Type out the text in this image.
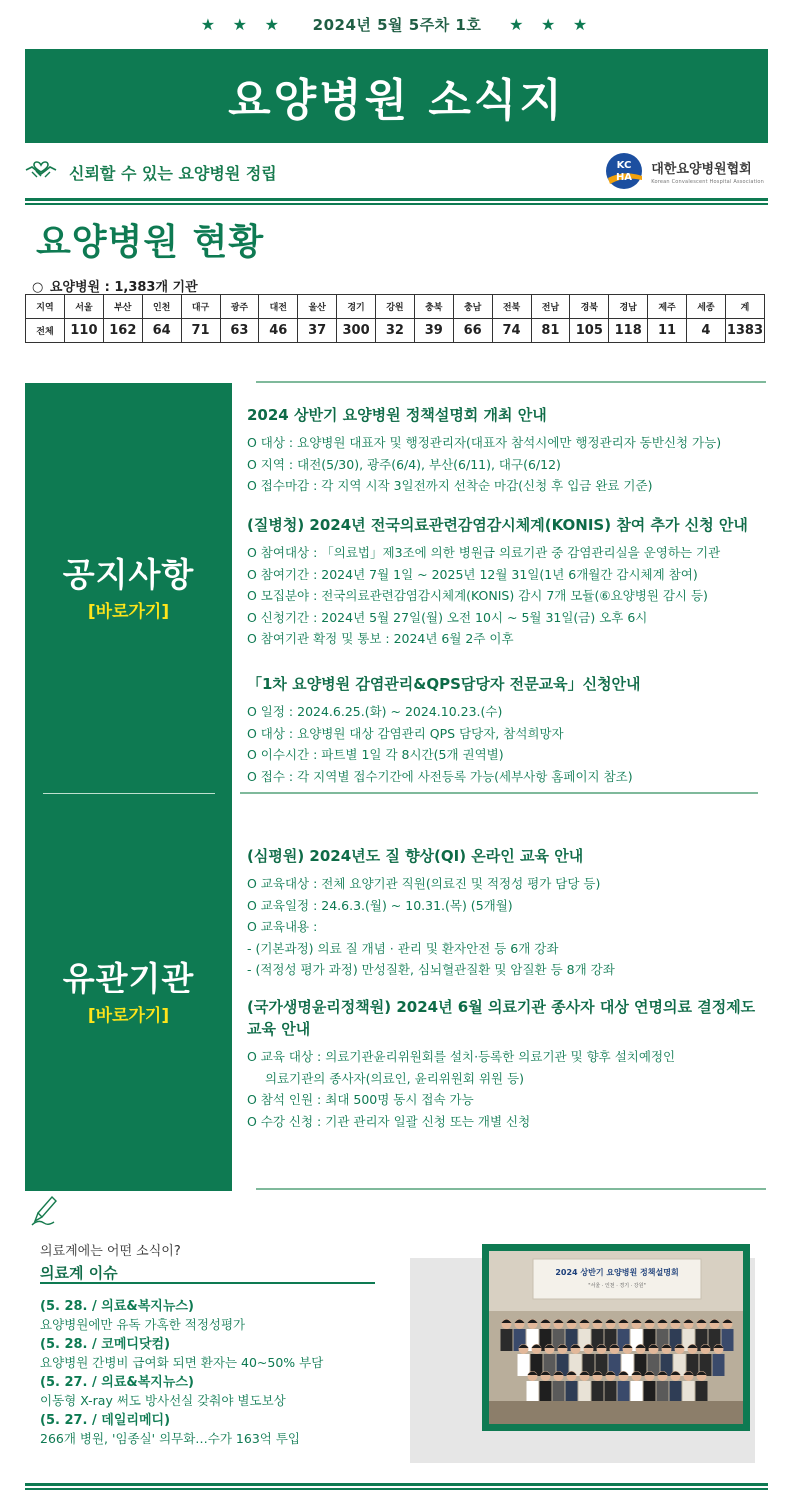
★ ★ ★ 2024년 5월 5주차 1호 ★ ★ ★
요양병원 소식지
신뢰할 수 있는 요양병원 정립	KC
HA
대한요양병원협회
Korean Convalescent Hospital Association
요양병원 현황
○ 요양병원 : 1,383개 기관
지역	서울	부산	인천	대구	광주	대전	울산	경기	강원	충북	충남	전북	전남	경북	경남	제주	세종	계
전체	110	162	64	71	63	46	37	300	32	39	66	74	81	105	118	11	4	1383
공지사항
[바로가기]
유관기관
[바로가기]
2024 상반기 요양병원 정책설명회 개최 안내

O 대상 : 요양병원 대표자 및 행정관리자(대표자 참석시에만 행정관리자 동반신청 가능)

O 지역 : 대전(5/30), 광주(6/4), 부산(6/11), 대구(6/12)

O 접수마감 : 각 지역 시작 3일전까지 선착순 마감(신청 후 입금 완료 기준)

(질병청) 2024년 전국의료관련감염감시체계(KONIS) 참여 추가 신청 안내

O 참여대상 : 「의료법」제3조에 의한 병원급 의료기관 중 감염관리실을 운영하는 기관

O 참여기간 : 2024년 7월 1일 ~ 2025년 12월 31일(1년 6개월간 감시체계 참여)

O 모집분야 : 전국의료관련감염감시체계(KONIS) 감시 7개 모듈(⑥요양병원 감시 등)

O 신청기간 : 2024년 5월 27일(월) 오전 10시 ~ 5월 31일(금) 오후 6시

O 참여기관 확정 및 통보 : 2024년 6월 2주 이후

「1차 요양병원 감염관리&QPS담당자 전문교육」신청안내

O 일정 : 2024.6.25.(화) ~ 2024.10.23.(수)

O 대상 : 요양병원 대상 감염관리 QPS 담당자, 참석희망자

O 이수시간 : 파트별 1일 각 8시간(5개 권역별)

O 접수 : 각 지역별 접수기간에 사전등록 가능(세부사항 홈페이지 참조)

(심평원) 2024년도 질 향상(QI) 온라인 교육 안내

O 교육대상 : 전체 요양기관 직원(의료진 및 적정성 평가 담당 등)

O 교육일정 : 24.6.3.(월) ~ 10.31.(목) (5개월)

O 교육내용 :

- (기본과정) 의료 질 개념 · 관리 및 환자안전 등 6개 강좌

- (적정성 평가 과정) 만성질환, 심뇌혈관질환 및 암질환 등 8개 강좌

(국가생명윤리정책원) 2024년 6월 의료기관 종사자 대상 연명의료 결정제도 교육 안내

O 교육 대상 : 의료기관윤리위원회를 설치·등록한 의료기관 및 향후 설치예정인

의료기관의 종사자(의료인, 윤리위원회 위원 등)

O 참석 인원 : 최대 500명 동시 접속 가능

O 수강 신청 : 기관 관리자 일괄 신청 또는 개별 신청

의료계에는 어떤 소식이?
의료계 이슈
(5. 28. / 의료&복지뉴스)
요양병원에만 유독 가혹한 적정성평가
(5. 28. / 코메디닷컴)
요양병원 간병비 급여화 되면 환자는 40~50% 부담
(5. 27. / 의료&복지뉴스)
이동형 X-ray 써도 방사선실 갖춰야 별도보상
(5. 27. / 데일리메디)
266개 병원, '임종실' 의무화…수가 163억 투입
2024 상반기 요양병원 정책설명회
"서울 · 인천 · 경기 · 강원"
